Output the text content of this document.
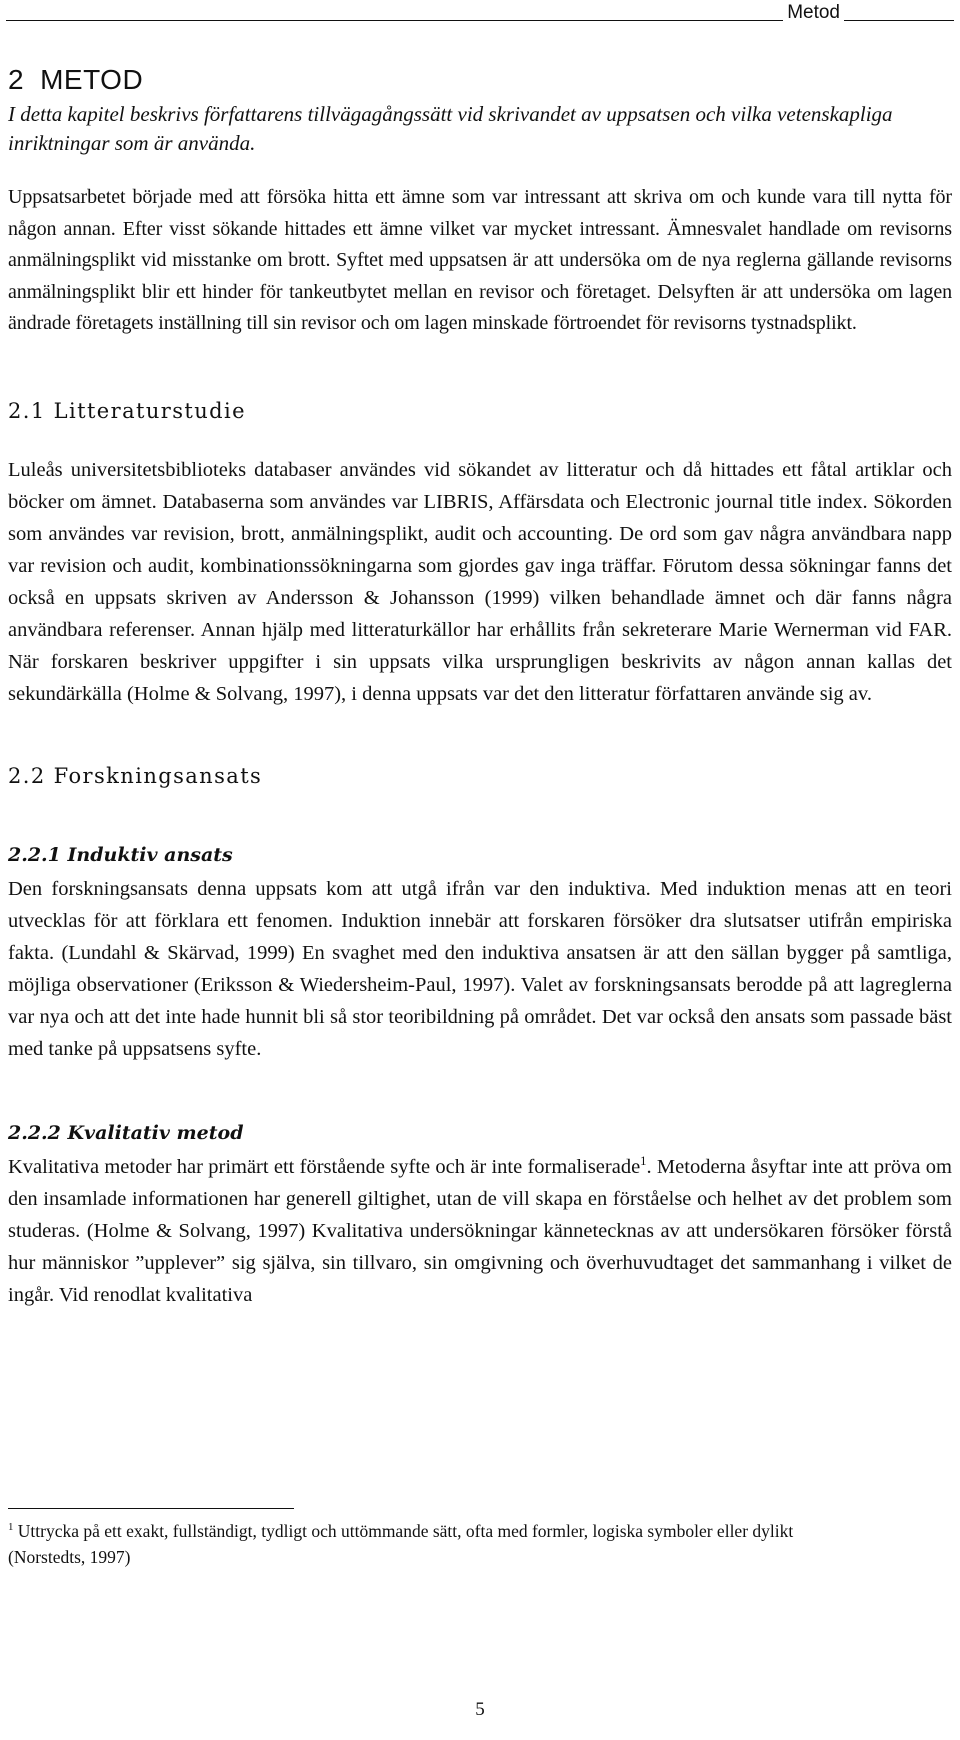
Metod
2 METOD

I detta kapitel beskrivs författarens tillvägagångssätt vid skrivandet av uppsatsen och vilka vetenskapliga inriktningar som är använda.

Uppsatsarbetet började med att försöka hitta ett ämne som var intressant att skriva om och kunde vara till nytta för någon annan. Efter visst sökande hittades ett ämne vilket var mycket intressant. Ämnesvalet handlade om revisorns anmälningsplikt vid misstanke om brott. Syftet med uppsatsen är att undersöka om de nya reglerna gällande revisorns anmälningsplikt blir ett hinder för tankeutbytet mellan en revisor och företaget. Delsyften är att undersöka om lagen ändrade företagets inställning till sin revisor och om lagen minskade förtroendet för revisorns tystnadsplikt.

2.1 Litteraturstudie

Luleås universitetsbiblioteks databaser användes vid sökandet av litteratur och då hittades ett fåtal artiklar och böcker om ämnet. Databaserna som användes var LIBRIS, Affärsdata och Electronic journal title index. Sökorden som användes var revision, brott, anmälningsplikt, audit och accounting. De ord som gav några användbara napp var revision och audit, kombinationssökningarna som gjordes gav inga träffar. Förutom dessa sökningar fanns det också en uppsats skriven av Andersson & Johansson (1999) vilken behandlade ämnet och där fanns några användbara referenser. Annan hjälp med litteraturkällor har erhållits från sekreterare Marie Wernerman vid FAR. När forskaren beskriver uppgifter i sin uppsats vilka ursprungligen beskrivits av någon annan kallas det sekundärkälla (Holme & Solvang, 1997), i denna uppsats var det den litteratur författaren använde sig av.

2.2 Forskningsansats
2.2.1 Induktiv ansats

Den forskningsansats denna uppsats kom att utgå ifrån var den induktiva. Med induktion menas att en teori utvecklas för att förklara ett fenomen. Induktion innebär att forskaren försöker dra slutsatser utifrån empiriska fakta. (Lundahl & Skärvad, 1999) En svaghet med den induktiva ansatsen är att den sällan bygger på samtliga, möjliga observationer (Eriksson & Wiedersheim-Paul, 1997). Valet av forskningsansats berodde på att lagreglerna var nya och att det inte hade hunnit bli så stor teoribildning på området. Det var också den ansats som passade bäst med tanke på uppsatsens syfte.

2.2.2 Kvalitativ metod

Kvalitativa metoder har primärt ett förstående syfte och är inte formaliserade$^1$. Metoderna åsyftar inte att pröva om den insamlade informationen har generell giltighet, utan de vill skapa en förståelse och helhet av det problem som studeras. (Holme & Solvang, 1997) Kvalitativa undersökningar kännetecknas av att undersökaren försöker förstå hur människor ”upplever” sig själva, sin tillvaro, sin omgivning och överhuvudtaget det sammanhang i vilket de ingår. Vid renodlat kvalitativa

$^1$ Uttrycka på ett exakt, fullständigt, tydligt och uttömmande sätt, ofta med formler, logiska symboler eller dylikt (Norstedts, 1997)
5
